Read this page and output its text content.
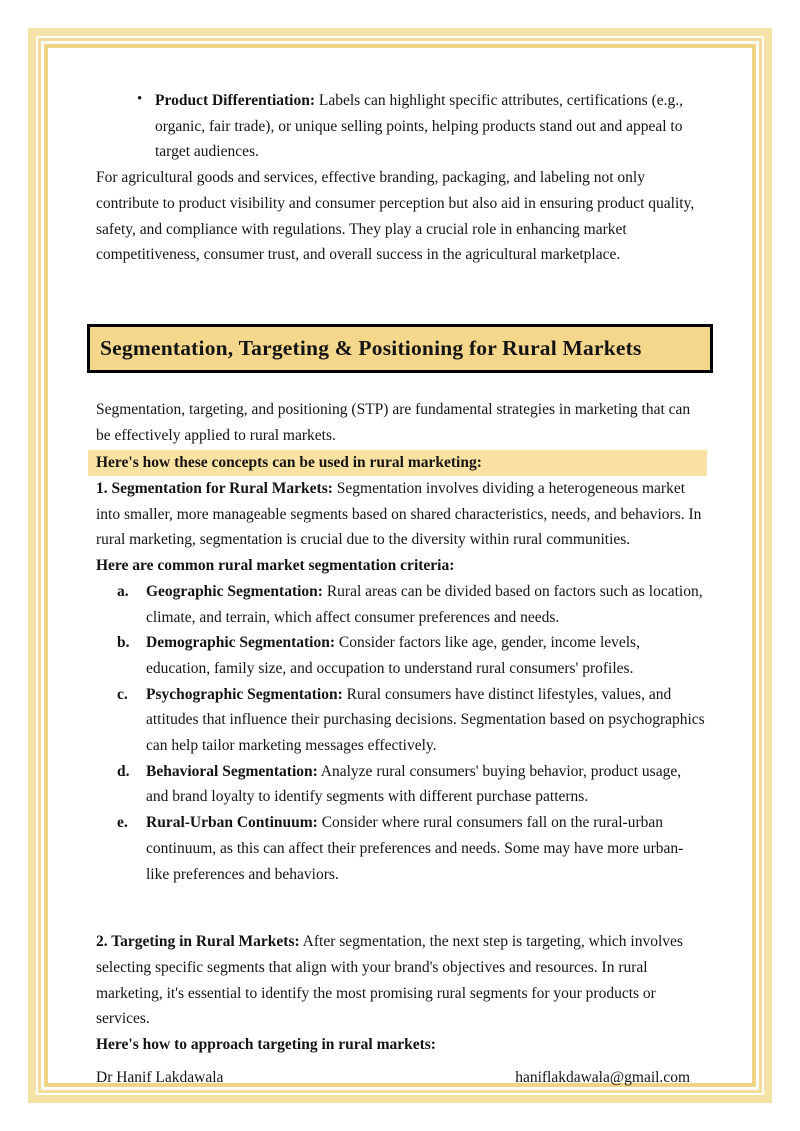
• Product Differentiation: Labels can highlight specific attributes, certifications (e.g., organic, fair trade), or unique selling points, helping products stand out and appeal to target audiences.

For agricultural goods and services, effective branding, packaging, and labeling not only contribute to product visibility and consumer perception but also aid in ensuring product quality, safety, and compliance with regulations. They play a crucial role in enhancing market competitiveness, consumer trust, and overall success in the agricultural marketplace.

Segmentation, Targeting & Positioning for Rural Markets

Segmentation, targeting, and positioning (STP) are fundamental strategies in marketing that can be effectively applied to rural markets.

Here's how these concepts can be used in rural marketing:

1. Segmentation for Rural Markets: Segmentation involves dividing a heterogeneous market into smaller, more manageable segments based on shared characteristics, needs, and behaviors. In rural marketing, segmentation is crucial due to the diversity within rural communities.

Here are common rural market segmentation criteria:

a. Geographic Segmentation: Rural areas can be divided based on factors such as location, climate, and terrain, which affect consumer preferences and needs.
b. Demographic Segmentation: Consider factors like age, gender, income levels, education, family size, and occupation to understand rural consumers' profiles.
c. Psychographic Segmentation: Rural consumers have distinct lifestyles, values, and attitudes that influence their purchasing decisions. Segmentation based on psychographics can help tailor marketing messages effectively.
d. Behavioral Segmentation: Analyze rural consumers' buying behavior, product usage, and brand loyalty to identify segments with different purchase patterns.
e. Rural-Urban Continuum: Consider where rural consumers fall on the rural-urban continuum, as this can affect their preferences and needs. Some may have more urban-like preferences and behaviors.

2. Targeting in Rural Markets: After segmentation, the next step is targeting, which involves selecting specific segments that align with your brand's objectives and resources. In rural marketing, it's essential to identify the most promising rural segments for your products or services.

Here's how to approach targeting in rural markets:

Dr Hanif Lakdawala	haniflakdawala@gmail.com
